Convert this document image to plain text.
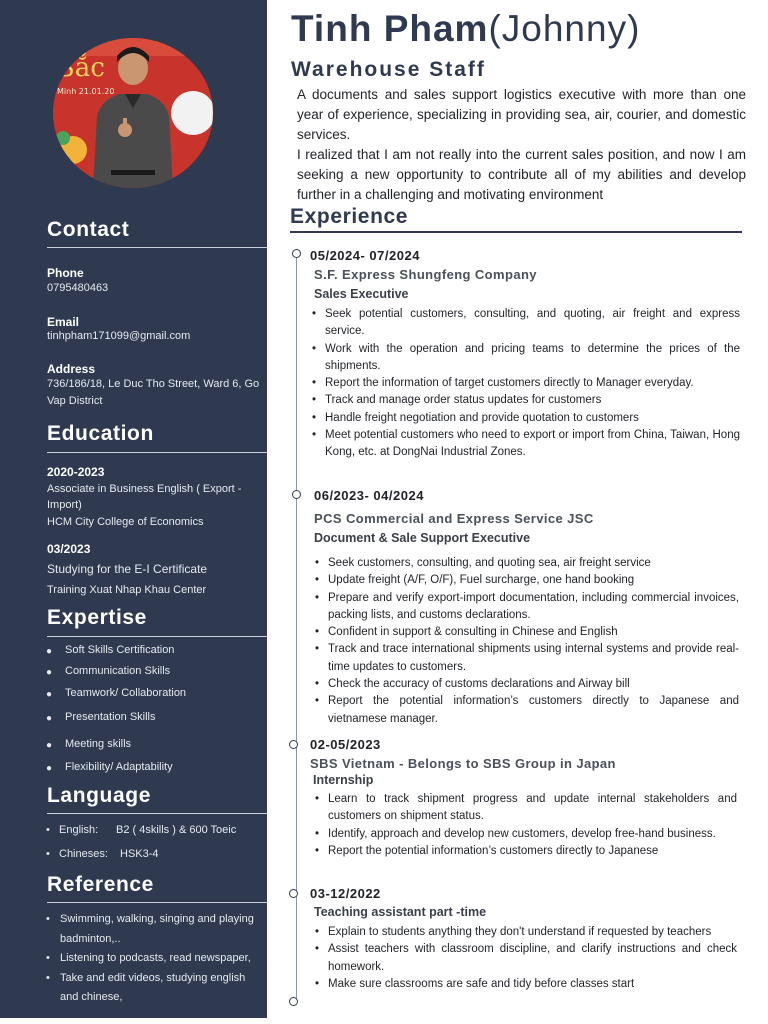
Sắc
Minh 21.01.20
Contact
Phone
0795480463
Email
tinhpham171099@gmail.com
Address
736/186/18, Le Duc Tho Street, Ward 6, Go Vap District
Education
2020-2023
Associate in Business English ( Export - Import)
HCM City College of Economics
03/2023
Studying for the E-I Certificate
Training Xuat Nhap Khau Center
Expertise
● Soft Skills Certification
● Communication Skills
● Teamwork/ Collaboration
● Presentation Skills
● Meeting skills
● Flexibility/ Adaptability
Language
• English: B2 ( 4skills ) & 600 Toeic
• Chineses: HSK3-4
Reference
• Swimming, walking, singing and playing badminton,..
• Listening to podcasts, read newspaper,
• Take and edit videos, studying english and chinese,
Tinh Pham(Johnny)
Warehouse Staff

A documents and sales support logistics executive with more than one year of experience, specializing in providing sea, air, courier, and domestic services.

I realized that I am not really into the current sales position, and now I am seeking a new opportunity to contribute all of my abilities and develop further in a challenging and motivating environment

Experience
05/2024- 07/2024
S.F. Express Shungfeng Company
Sales Executive
• Seek potential customers, consulting, and quoting, air freight and express service.
• Work with the operation and pricing teams to determine the prices of the shipments.
• Report the information of target customers directly to Manager everyday.
• Track and manage order status updates for customers
• Handle freight negotiation and provide quotation to customers
• Meet potential customers who need to export or import from China, Taiwan, Hong Kong, etc. at DongNai Industrial Zones.
06/2023- 04/2024
PCS Commercial and Express Service JSC
Document & Sale Support Executive
• Seek customers, consulting, and quoting sea, air freight service
• Update freight (A/F, O/F), Fuel surcharge, one hand booking
• Prepare and verify export-import documentation, including commercial invoices, packing lists, and customs declarations.
• Confident in support & consulting in Chinese and English
• Track and trace international shipments using internal systems and provide real-time updates to customers.
• Check the accuracy of customs declarations and Airway bill
• Report the potential information’s customers directly to Japanese and vietnamese manager.
02-05/2023
SBS Vietnam - Belongs to SBS Group in Japan
Internship
• Learn to track shipment progress and update internal stakeholders and customers on shipment status.
• Identify, approach and develop new customers, develop free-hand business.
• Report the potential information’s customers directly to Japanese
03-12/2022
Teaching assistant part -time
• Explain to students anything they don't understand if requested by teachers
• Assist teachers with classroom discipline, and clarify instructions and check homework.
• Make sure classrooms are safe and tidy before classes start
